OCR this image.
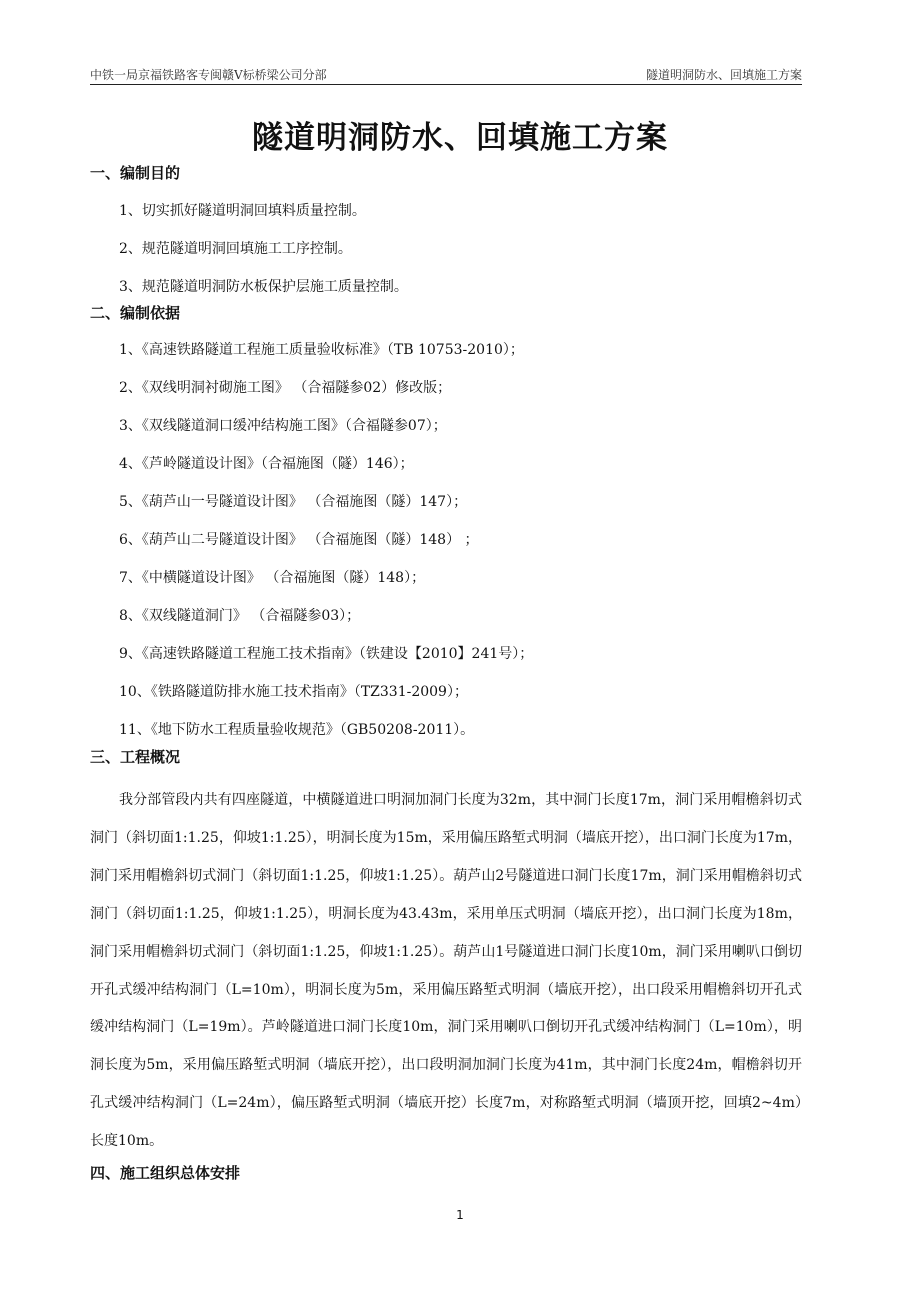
中铁一局京福铁路客专闽赣Ⅴ标桥梁公司分部	隧道明洞防水、回填施工方案
隧道明洞防水、回填施工方案
一、编制目的
1、切实抓好隧道明洞回填料质量控制。
2、规范隧道明洞回填施工工序控制。
3、规范隧道明洞防水板保护层施工质量控制。
二、编制依据
1、《高速铁路隧道工程施工质量验收标准》（TB 10753-2010）；
2、《双线明洞衬砌施工图》 （合福隧参02）修改版；
3、《双线隧道洞口缓冲结构施工图》（合福隧参07）；
4、《芦岭隧道设计图》（合福施图（隧）146）；
5、《葫芦山一号隧道设计图》 （合福施图（隧）147）；
6、《葫芦山二号隧道设计图》 （合福施图（隧）148） ；
7、《中横隧道设计图》 （合福施图（隧）148）；
8、《双线隧道洞门》 （合福隧参03）；
9、《高速铁路隧道工程施工技术指南》（铁建设【2010】241号）；
10、《铁路隧道防排水施工技术指南》（TZ331-2009）；
11、《地下防水工程质量验收规范》（GB50208-2011）。
三、工程概况
我分部管段内共有四座隧道，中横隧道进口明洞加洞门长度为32m，其中洞门长度17m，洞门采用帽檐斜切式洞门（斜切面1:1.25，仰坡1:1.25），明洞长度为15m，采用偏压路堑式明洞（墙底开挖），出口洞门长度为17m，洞门采用帽檐斜切式洞门（斜切面1:1.25，仰坡1:1.25）。葫芦山2号隧道进口洞门长度17m，洞门采用帽檐斜切式洞门（斜切面1:1.25，仰坡1:1.25），明洞长度为43.43m，采用单压式明洞（墙底开挖），出口洞门长度为18m，洞门采用帽檐斜切式洞门（斜切面1:1.25，仰坡1:1.25）。葫芦山1号隧道进口洞门长度10m，洞门采用喇叭口倒切开孔式缓冲结构洞门（L=10m），明洞长度为5m，采用偏压路堑式明洞（墙底开挖），出口段采用帽檐斜切开孔式缓冲结构洞门（L=19m）。芦岭隧道进口洞门长度10m，洞门采用喇叭口倒切开孔式缓冲结构洞门（L=10m），明洞长度为5m，采用偏压路堑式明洞（墙底开挖），出口段明洞加洞门长度为41m，其中洞门长度24m，帽檐斜切开孔式缓冲结构洞门（L=24m），偏压路堑式明洞（墙底开挖）长度7m，对称路堑式明洞（墙顶开挖，回填2~4m）长度10m。
四、施工组织总体安排
1
